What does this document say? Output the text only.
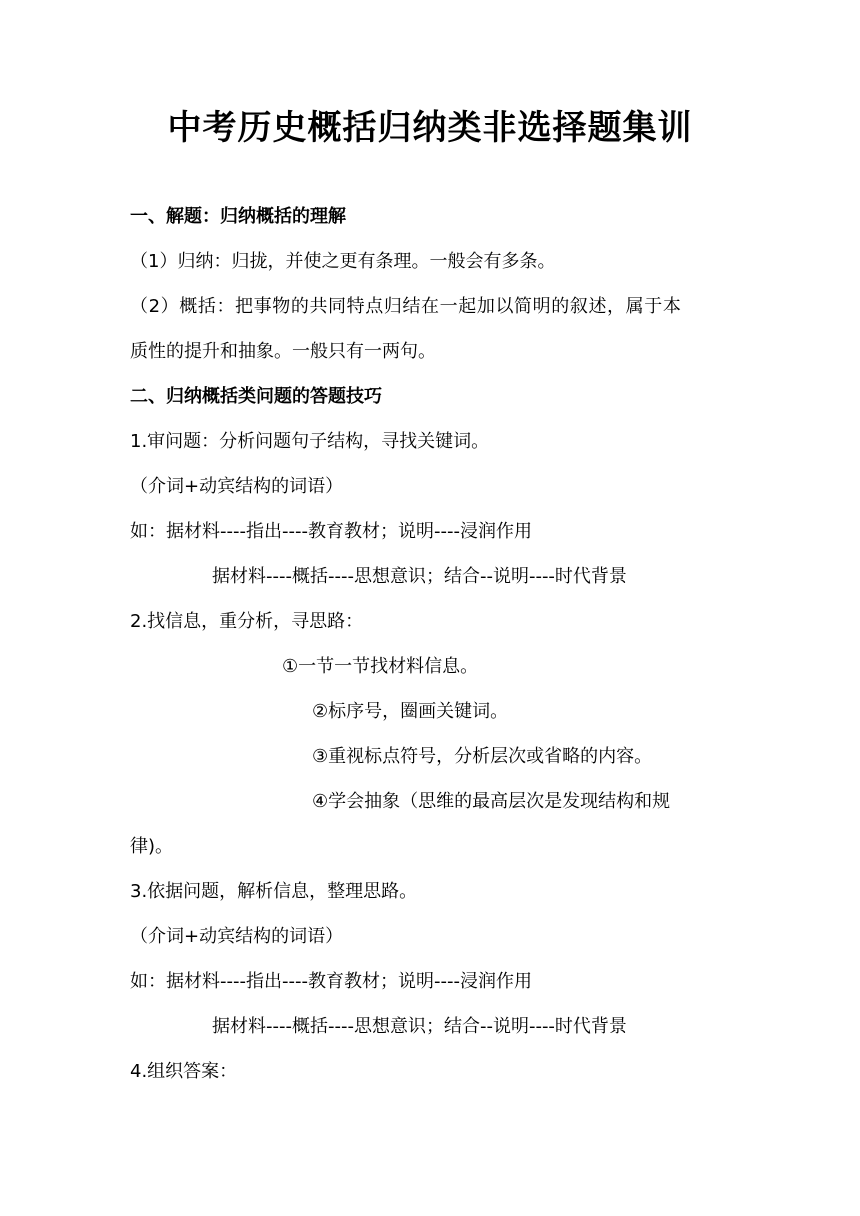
中考历史概括归纳类非选择题集训
一、解题：归纳概括的理解
（1）归纳：归拢，并使之更有条理。一般会有多条。
（2）概括：把事物的共同特点归结在一起加以简明的叙述，属于本
质性的提升和抽象。一般只有一两句。
二、归纳概括类问题的答题技巧
1.审问题：分析问题句子结构，寻找关键词。
（介词+动宾结构的词语）
如：据材料----指出----教育教材；说明----浸润作用
据材料----概括----思想意识；结合--说明----时代背景
2.找信息，重分析，寻思路：
①一节一节找材料信息。
②标序号，圈画关键词。
③重视标点符号，分析层次或省略的内容。
④学会抽象（思维的最高层次是发现结构和规
律)。
3.依据问题，解析信息，整理思路。
（介词+动宾结构的词语）
如：据材料----指出----教育教材；说明----浸润作用
据材料----概括----思想意识；结合--说明----时代背景
4.组织答案：
